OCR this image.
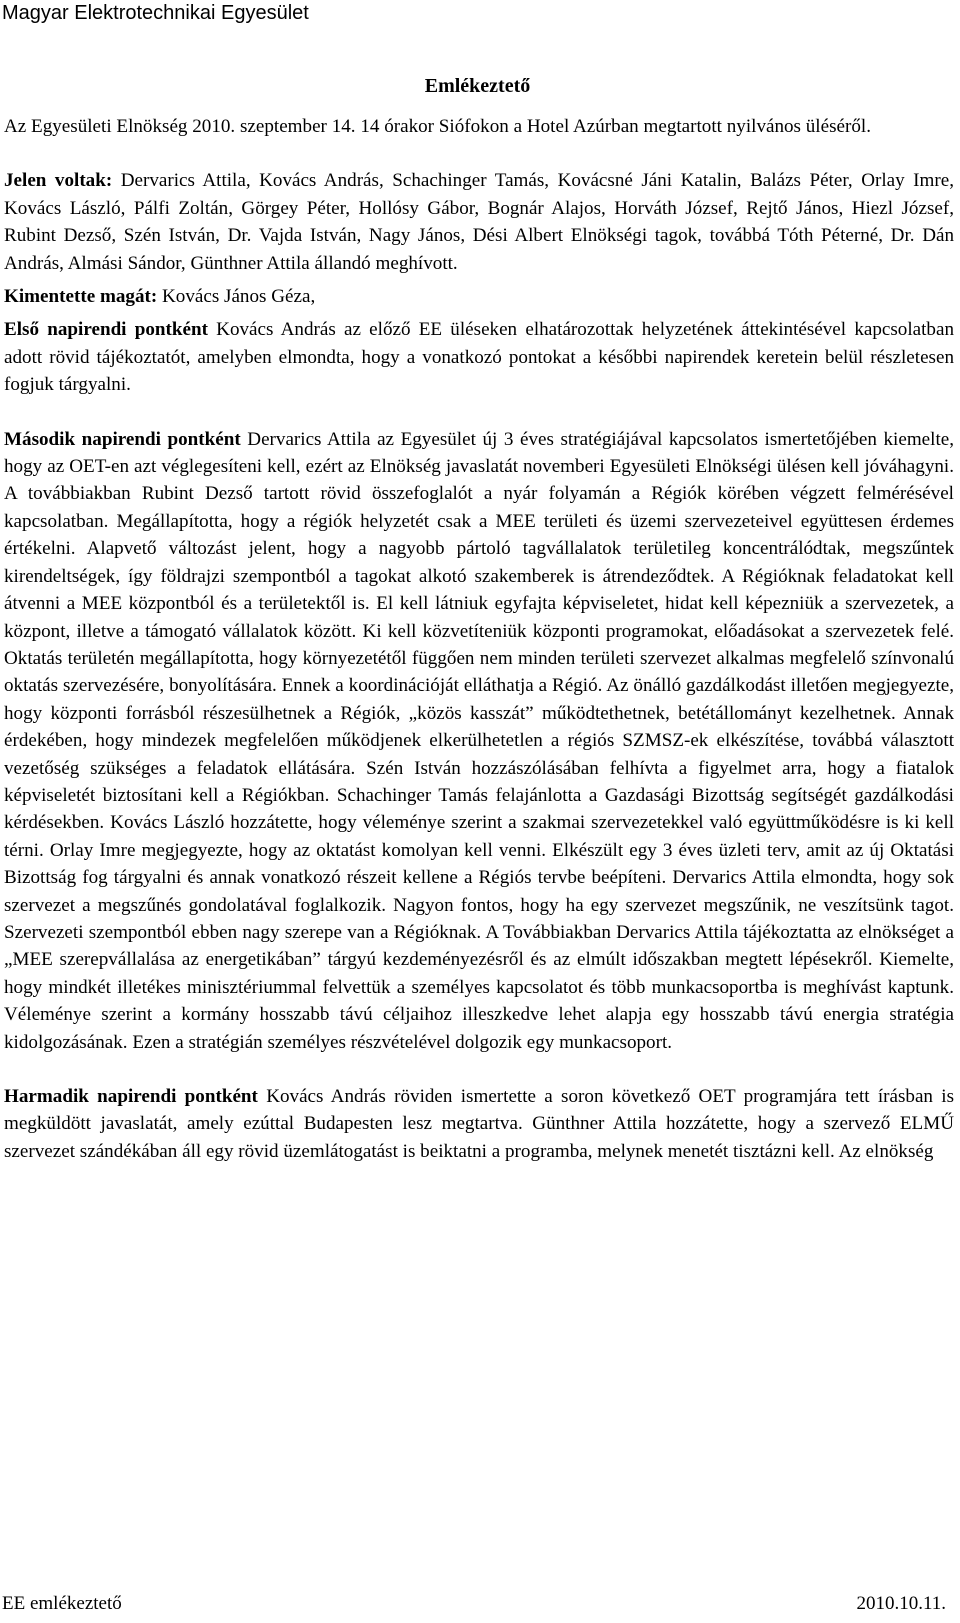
Magyar Elektrotechnikai Egyesület
Emlékeztető

Az Egyesületi Elnökség 2010. szeptember 14. 14 órakor Siófokon a Hotel Azúrban megtartott nyilvános üléséről.

Jelen voltak: Dervarics Attila, Kovács András, Schachinger Tamás, Kovácsné Jáni Katalin, Balázs Péter, Orlay Imre, Kovács László, Pálfi Zoltán, Görgey Péter, Hollósy Gábor, Bognár Alajos, Horváth József, Rejtő János, Hiezl József, Rubint Dezső, Szén István, Dr. Vajda István, Nagy János, Dési Albert Elnökségi tagok, továbbá Tóth Péterné, Dr. Dán András, Almási Sándor, Günthner Attila állandó meghívott.

Kimentette magát: Kovács János Géza,

Első napirendi pontként Kovács András az előző EE üléseken elhatározottak helyzetének áttekintésével kapcsolatban adott rövid tájékoztatót, amelyben elmondta, hogy a vonatkozó pontokat a későbbi napirendek keretein belül részletesen fogjuk tárgyalni.

Második napirendi pontként Dervarics Attila az Egyesület új 3 éves stratégiájával kapcsolatos ismertetőjében kiemelte, hogy az OET-en azt véglegesíteni kell, ezért az Elnökség javaslatát novemberi Egyesületi Elnökségi ülésen kell jóváhagyni. A továbbiakban Rubint Dezső tartott rövid összefoglalót a nyár folyamán a Régiók körében végzett felmérésével kapcsolatban. Megállapította, hogy a régiók helyzetét csak a MEE területi és üzemi szervezeteivel együttesen érdemes értékelni. Alapvető változást jelent, hogy a nagyobb pártoló tagvállalatok területileg koncentrálódtak, megszűntek kirendeltségek, így földrajzi szempontból a tagokat alkotó szakemberek is átrendeződtek. A Régióknak feladatokat kell átvenni a MEE központból és a területektől is. El kell látniuk egyfajta képviseletet, hidat kell képezniük a szervezetek, a központ, illetve a támogató vállalatok között. Ki kell közvetíteniük központi programokat, előadásokat a szervezetek felé. Oktatás területén megállapította, hogy környezetétől függően nem minden területi szervezet alkalmas megfelelő színvonalú oktatás szervezésére, bonyolítására. Ennek a koordinációját elláthatja a Régió. Az önálló gazdálkodást illetően megjegyezte, hogy központi forrásból részesülhetnek a Régiók, „közös kasszát” működtethetnek, betétállományt kezelhetnek. Annak érdekében, hogy mindezek megfelelően működjenek elkerülhetetlen a régiós SZMSZ-ek elkészítése, továbbá választott vezetőség szükséges a feladatok ellátására. Szén István hozzászólásában felhívta a figyelmet arra, hogy a fiatalok képviseletét biztosítani kell a Régiókban. Schachinger Tamás felajánlotta a Gazdasági Bizottság segítségét gazdálkodási kérdésekben. Kovács László hozzátette, hogy véleménye szerint a szakmai szervezetekkel való együttműködésre is ki kell térni. Orlay Imre megjegyezte, hogy az oktatást komolyan kell venni. Elkészült egy 3 éves üzleti terv, amit az új Oktatási Bizottság fog tárgyalni és annak vonatkozó részeit kellene a Régiós tervbe beépíteni. Dervarics Attila elmondta, hogy sok szervezet a megszűnés gondolatával foglalkozik. Nagyon fontos, hogy ha egy szervezet megszűnik, ne veszítsünk tagot. Szervezeti szempontból ebben nagy szerepe van a Régióknak. A Továbbiakban Dervarics Attila tájékoztatta az elnökséget a „MEE szerepvállalása az energetikában” tárgyú kezdeményezésről és az elmúlt időszakban megtett lépésekről. Kiemelte, hogy mindkét illetékes minisztériummal felvettük a személyes kapcsolatot és több munkacsoportba is meghívást kaptunk. Véleménye szerint a kormány hosszabb távú céljaihoz illeszkedve lehet alapja egy hosszabb távú energia stratégia kidolgozásának. Ezen a stratégián személyes részvételével dolgozik egy munkacsoport.

Harmadik napirendi pontként Kovács András röviden ismertette a soron következő OET programjára tett írásban is megküldött javaslatát, amely ezúttal Budapesten lesz megtartva. Günthner Attila hozzátette, hogy a szervező ELMŰ szervezet szándékában áll egy rövid üzemlátogatást is beiktatni a programba, melynek menetét tisztázni kell. Az elnökség

EE emlékeztető	2010.10.11.
